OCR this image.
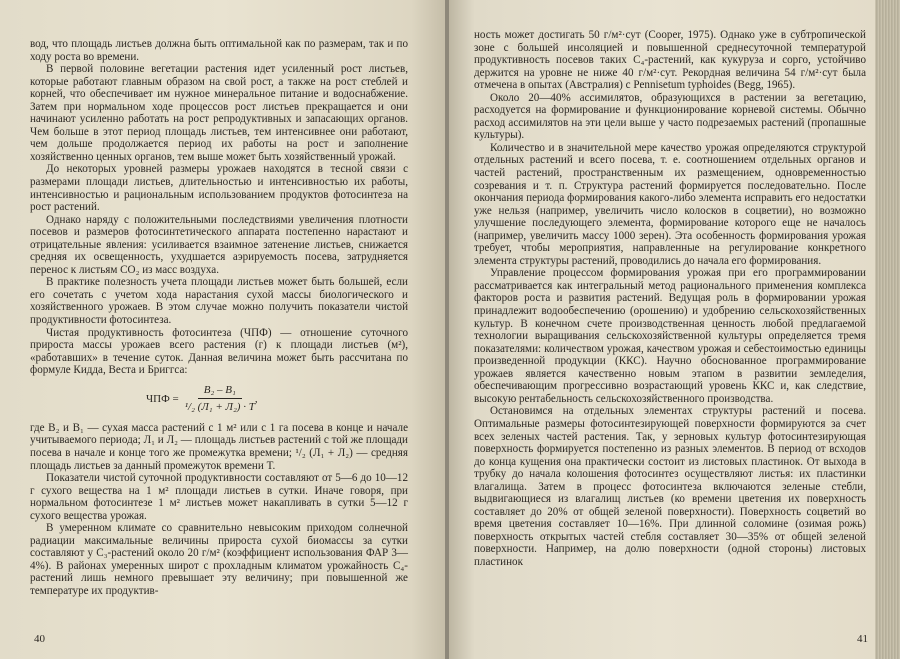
вод, что площадь листьев должна быть оптимальной как по размерам, так и по ходу роста во времени.

В первой половине вегетации растения идет усиленный рост листьев, которые работают главным образом на свой рост, а также на рост стеблей и корней, что обеспечивает им нужное минеральное питание и водоснабжение. Затем при нормальном ходе процессов рост листьев прекращается и они начинают усиленно работать на рост репродуктивных и запасающих органов. Чем больше в этот период площадь листьев, тем интенсивнее они работают, чем дольше продолжается период их работы на рост и заполнение хозяйственно ценных органов, тем выше может быть хозяйственный урожай.

До некоторых уровней размеры урожаев находятся в тесной связи с размерами площади листьев, длительностью и интенсивностью их работы, интенсивностью и рациональным использованием продуктов фотосинтеза на рост растений.

Однако наряду с положительными последствиями увеличения плотности посевов и размеров фотосинтетического аппарата постепенно нарастают и отрицательные явления: усиливается взаимное затенение листьев, снижается средняя их освещенность, ухудшается аэрируемость посева, затрудняется перенос к листьям CO₂ из масс воздуха.

В практике полезность учета площади листьев может быть большей, если его сочетать с учетом хода нарастания сухой массы биологического и хозяйственного урожаев. В этом случае можно получить показатели чистой продуктивности фотосинтеза.

Чистая продуктивность фотосинтеза (ЧПФ) — отношение суточного прироста массы урожаев всего растения (г) к площади листьев (м²), «работавших» в течение суток. Данная величина может быть рассчитана по формуле Кидда, Веста и Бриггса:

ЧПФ = $\frac{\text{B₂ – B₁}}{\text{¹/₂ (Л₁ + Л₂) · T}}$ ,

где B₂ и B₁ — сухая масса растений с 1 м² или с 1 га посева в конце и начале учитываемого периода; Л₁ и Л₂ — площадь листьев растений с той же площади посева в начале и конце того же промежутка времени; ¹/₂ (Л₁ + Л₂) — средняя площадь листьев за данный промежуток времени T.

Показатели чистой суточной продуктивности составляют от 5—6 до 10—12 г сухого вещества на 1 м² площади листьев в сутки. Иначе говоря, при нормальном фотосинтезе 1 м² листьев может накапливать в сутки 5—12 г сухого вещества урожая.

В умеренном климате со сравнительно невысоким приходом солнечной радиации максимальные величины прироста сухой биомассы за сутки составляют у C₃-растений около 20 г/м² (коэффициент использования ФАР 3—4%). В районах умеренных широт с прохладным климатом урожайность C₄-растений лишь немного превышает эту величину; при повышенной же температуре их продуктив-

40

ность может достигать 50 г/м²·сут (Cooper, 1975). Однако уже в субтропической зоне с большей инсоляцией и повышенной среднесуточной температурой продуктивность посевов таких C₄-растений, как кукуруза и сорго, устойчиво держится на уровне не ниже 40 г/м²·сут. Рекордная величина 54 г/м²·сут была отмечена в опытах (Австралия) с Pennisetum typhoides (Begg, 1965).

Около 20—40% ассимилятов, образующихся в растении за вегетацию, расходуется на формирование и функционирование корневой системы. Обычно расход ассимилятов на эти цели выше у часто подрезаемых растений (пропашные культуры).

Количество и в значительной мере качество урожая определяются структурой отдельных растений и всего посева, т. е. соотношением отдельных органов и частей растений, пространственным их размещением, одновременностью созревания и т. п. Структура растений формируется последовательно. После окончания периода формирования какого-либо элемента исправить его недостатки уже нельзя (например, увеличить число колосков в соцветии), но возможно улучшение последующего элемента, формирование которого еще не началось (например, увеличить массу 1000 зерен). Эта особенность формирования урожая требует, чтобы мероприятия, направленные на регулирование конкретного элемента структуры растений, проводились до начала его формирования.

Управление процессом формирования урожая при его программировании рассматривается как интегральный метод рационального применения комплекса факторов роста и развития растений. Ведущая роль в формировании урожая принадлежит водообеспечению (орошению) и удобрению сельскохозяйственных культур. В конечном счете производственная ценность любой предлагаемой технологии выращивания сельскохозяйственной культуры определяется тремя показателями: количеством урожая, качеством урожая и себестоимостью единицы произведенной продукции (ККС). Научно обоснованное программирование урожаев является качественно новым этапом в развитии земледелия, обеспечивающим прогрессивно возрастающий уровень ККС и, как следствие, высокую рентабельность сельскохозяйственного производства.

Остановимся на отдельных элементах структуры растений и посева. Оптимальные размеры фотосинтезирующей поверхности формируются за счет всех зеленых частей растения. Так, у зерновых культур фотосинтезирующая поверхность формируется постепенно из разных элементов. В период от всходов до конца кущения она практически состоит из листовых пластинок. От выхода в трубку до начала колошения фотосинтез осуществляют листья: их пластинки влагалища. Затем в процесс фотосинтеза включаются зеленые стебли, выдвигающиеся из влагалищ листьев (ко времени цветения их поверхность составляет до 20% от общей зеленой поверхности). Поверхность соцветий во время цветения составляет 10—16%. При длинной соломине (озимая рожь) поверхность открытых частей стебля составляет 30—35% от общей зеленой поверхности. Например, на долю поверхности (одной стороны) листовых пластинок

41
